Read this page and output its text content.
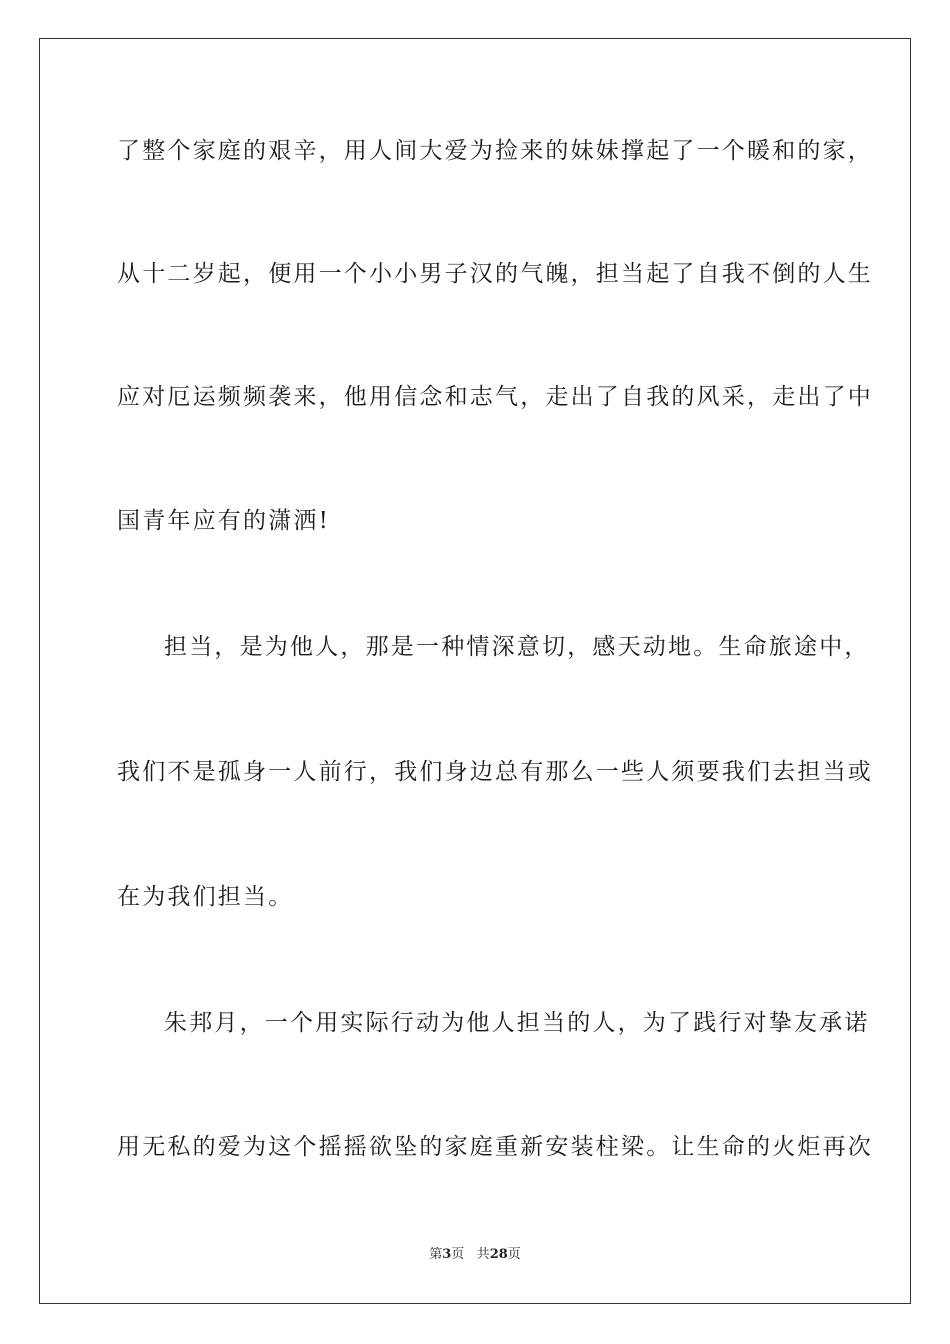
了整个家庭的艰辛，用人间大爱为捡来的妹妹撑起了一个暖和的家，
从十二岁起，便用一个小小男子汉的气魄，担当起了自我不倒的人生
应对厄运频频袭来，他用信念和志气，走出了自我的风采，走出了中
国青年应有的潇洒!
担当，是为他人，那是一种情深意切，感天动地。生命旅途中，
我们不是孤身一人前行，我们身边总有那么一些人须要我们去担当或
在为我们担当。
朱邦月，一个用实际行动为他人担当的人，为了践行对挚友承诺
用无私的爱为这个摇摇欲坠的家庭重新安装柱梁。让生命的火炬再次
第3页 共28页
